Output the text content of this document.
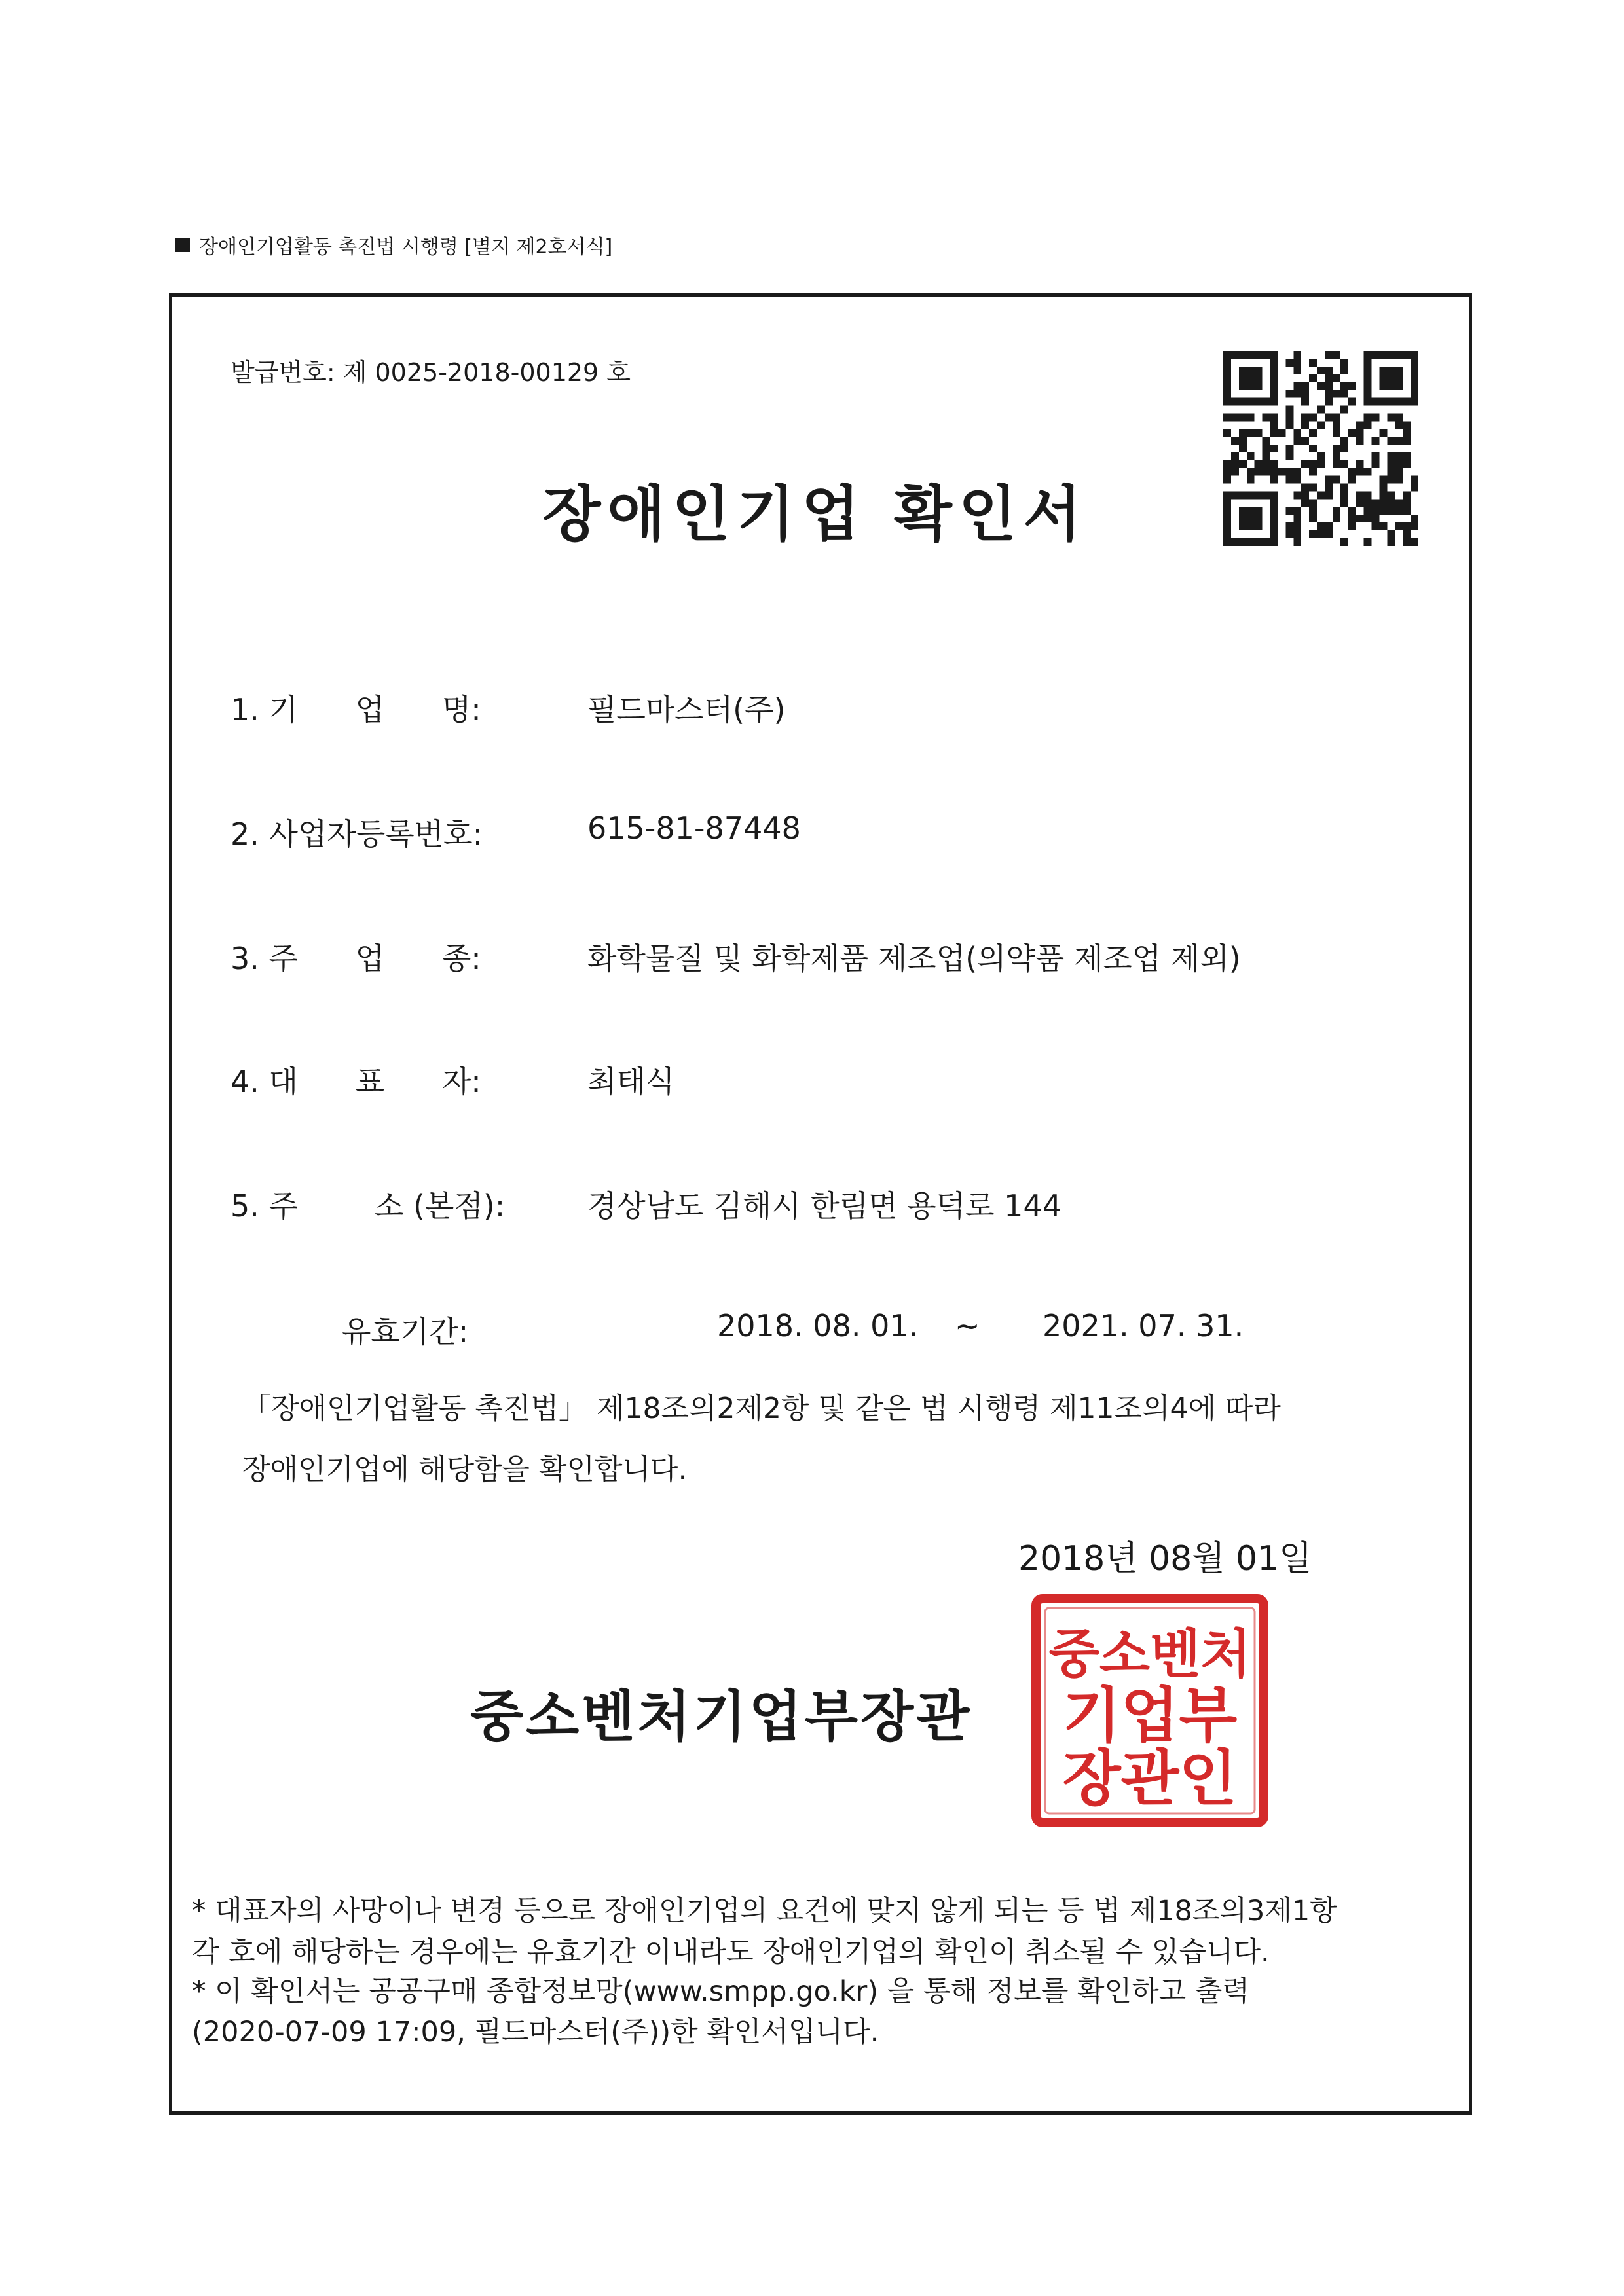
장애인기업활동 촉진법 시행령 [별지 제2호서식]
발급번호: 제 0025-2018-00129 호
장애인기업 확인서
1. 기      업      명:	필드마스터(주)
2. 사업자등록번호:	615-81-87448
3. 주      업      종:	화학물질 및 화학제품 제조업(의약품 제조업 제외)
4. 대      표      자:	최태식
5. 주        소 (본점):	경상남도 김해시 한림면 용덕로 144
유효기간:	2018. 08. 01. ~ 2021. 07. 31.
「장애인기업활동 촉진법」 제18조의2제2항 및 같은 법 시행령 제11조의4에 따라
장애인기업에 해당함을 확인합니다.
2018년 08월 01일
중소벤처기업부장관
중소벤처
기업부
장관인
* 대표자의 사망이나 변경 등으로 장애인기업의 요건에 맞지 않게 되는 등 법 제18조의3제1항
각 호에 해당하는 경우에는 유효기간 이내라도 장애인기업의 확인이 취소될 수 있습니다.
* 이 확인서는 공공구매 종합정보망(www.smpp.go.kr) 을 통해 정보를 확인하고 출력
(2020-07-09 17:09, 필드마스터(주))한 확인서입니다.
